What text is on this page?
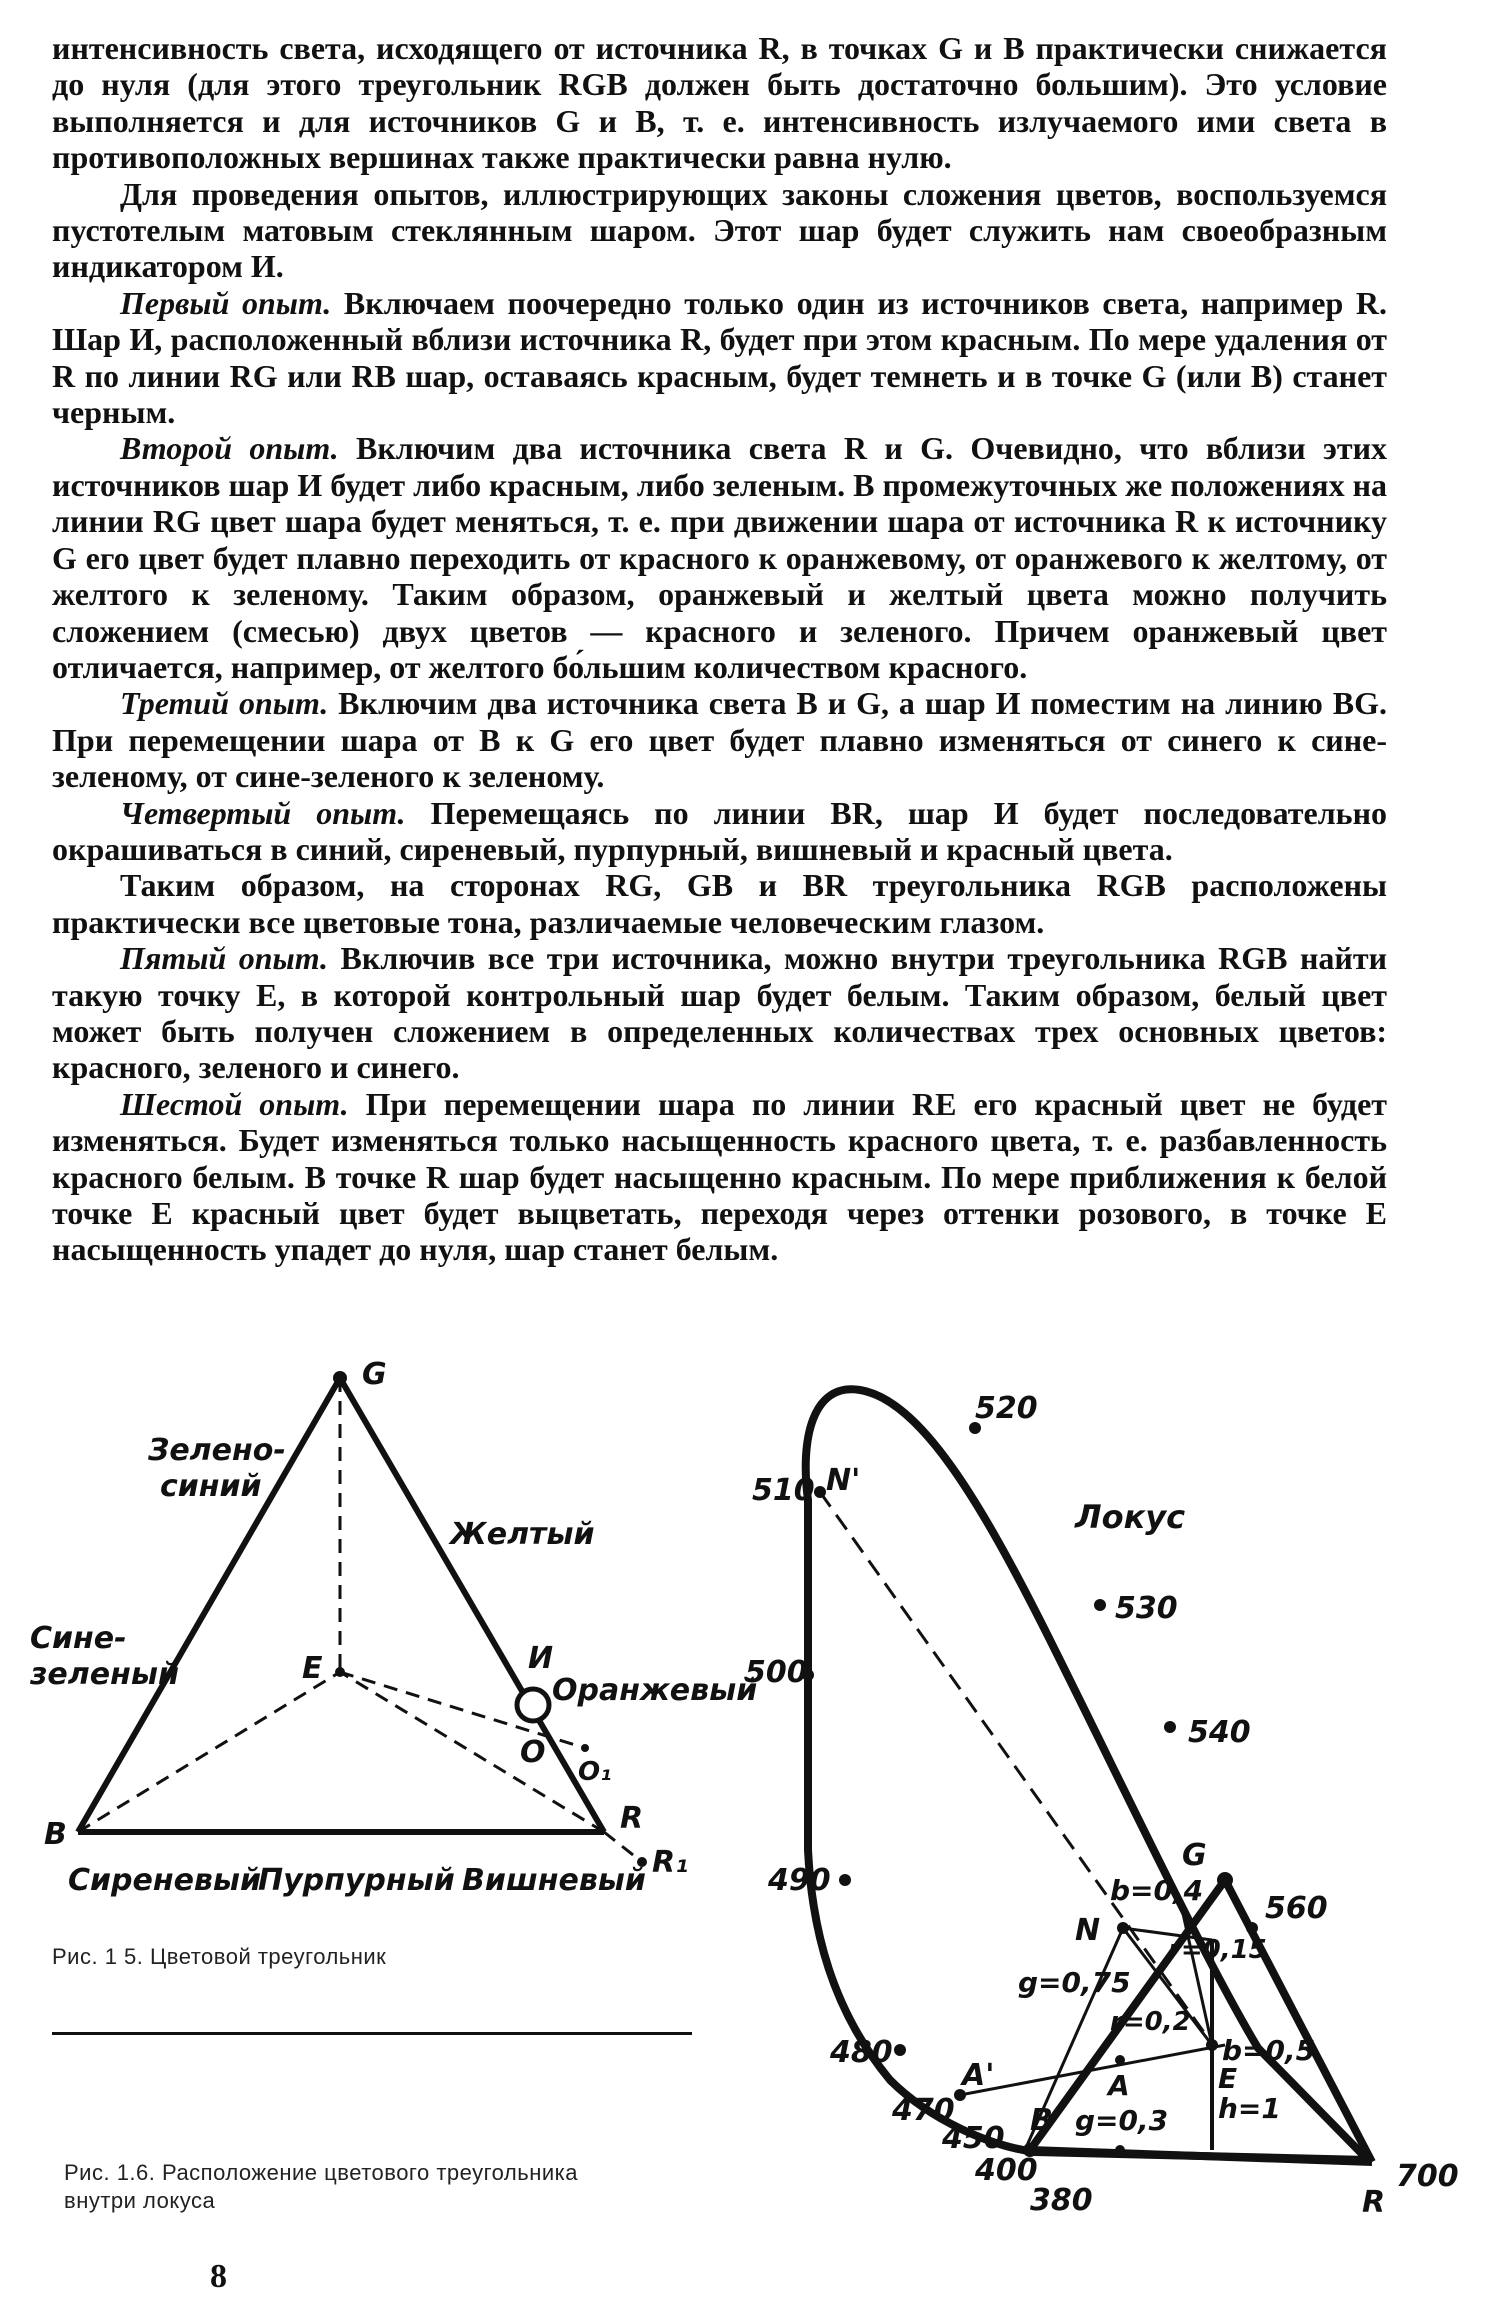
интенсивность света, исходящего от источника R, в точках G и B практически снижается до нуля (для этого треугольник RGB должен быть достаточно большим). Это условие выполняется и для источников G и B, т. е. интенсивность излучаемого ими света в противоположных вершинах также практически равна нулю.

Для проведения опытов, иллюстрирующих законы сложения цветов, воспользуемся пустотелым матовым стеклянным шаром. Этот шар будет служить нам своеобразным индикатором И.

Первый опыт. Включаем поочередно только один из источников света, например R. Шар И, расположенный вблизи источника R, будет при этом красным. По мере удаления от R по линии RG или RB шар, оставаясь красным, будет темнеть и в точке G (или B) станет черным.

Второй опыт. Включим два источника света R и G. Очевидно, что вблизи этих источников шар И будет либо красным, либо зеленым. В промежуточных же положениях на линии RG цвет шара будет меняться, т. е. при движении шара от источника R к источнику G его цвет будет плавно переходить от красного к оранжевому, от оранжевого к желтому, от желтого к зеленому. Таким образом, оранжевый и желтый цвета можно получить сложением (смесью) двух цветов — красного и зеленого. Причем оранжевый цвет отличается, например, от желтого бо́льшим количеством красного.

Третий опыт. Включим два источника света B и G, а шар И поместим на линию BG. При перемещении шара от B к G его цвет будет плавно изменяться от синего к сине-зеленому, от сине-зеленого к зеленому.

Четвертый опыт. Перемещаясь по линии BR, шар И будет последовательно окрашиваться в синий, сиреневый, пурпурный, вишневый и красный цвета.

Таким образом, на сторонах RG, GB и BR треугольника RGB расположены практически все цветовые тона, различаемые человеческим глазом.

Пятый опыт. Включив все три источника, можно внутри треугольника RGB найти такую точку E, в которой контрольный шар будет белым. Таким образом, белый цвет может быть получен сложением в определенных количествах трех основных цветов: красного, зеленого и синего.

Шестой опыт. При перемещении шара по линии RE его красный цвет не будет изменяться. Будет изменяться только насыщенность красного цвета, т. е. разбавленность красного белым. В точке R шар будет насыщенно красным. По мере приближения к белой точке E красный цвет будет выцветать, переходя через оттенки розового, в точке E насыщенность упадет до нуля, шар станет белым.

G
B	R
R₁
E	И
O
O₁
Зелено-
синий
Желтый
Сине-
зеленый	Оранжевый
Сиреневый
Пурпурный Вишневый
Рис. 1 5. Цветовой треугольник
Рис. 1.6. Расположение цветового треугольника
внутри локуса
520
510 N'
Локус
530
500
540
490
560
G
b=0,4
N
r=0,15
g=0,75
r=0,2
b=0,5
480
A'	A	E
470	B g=0,3 h=1
450
400
380	R
700
8
